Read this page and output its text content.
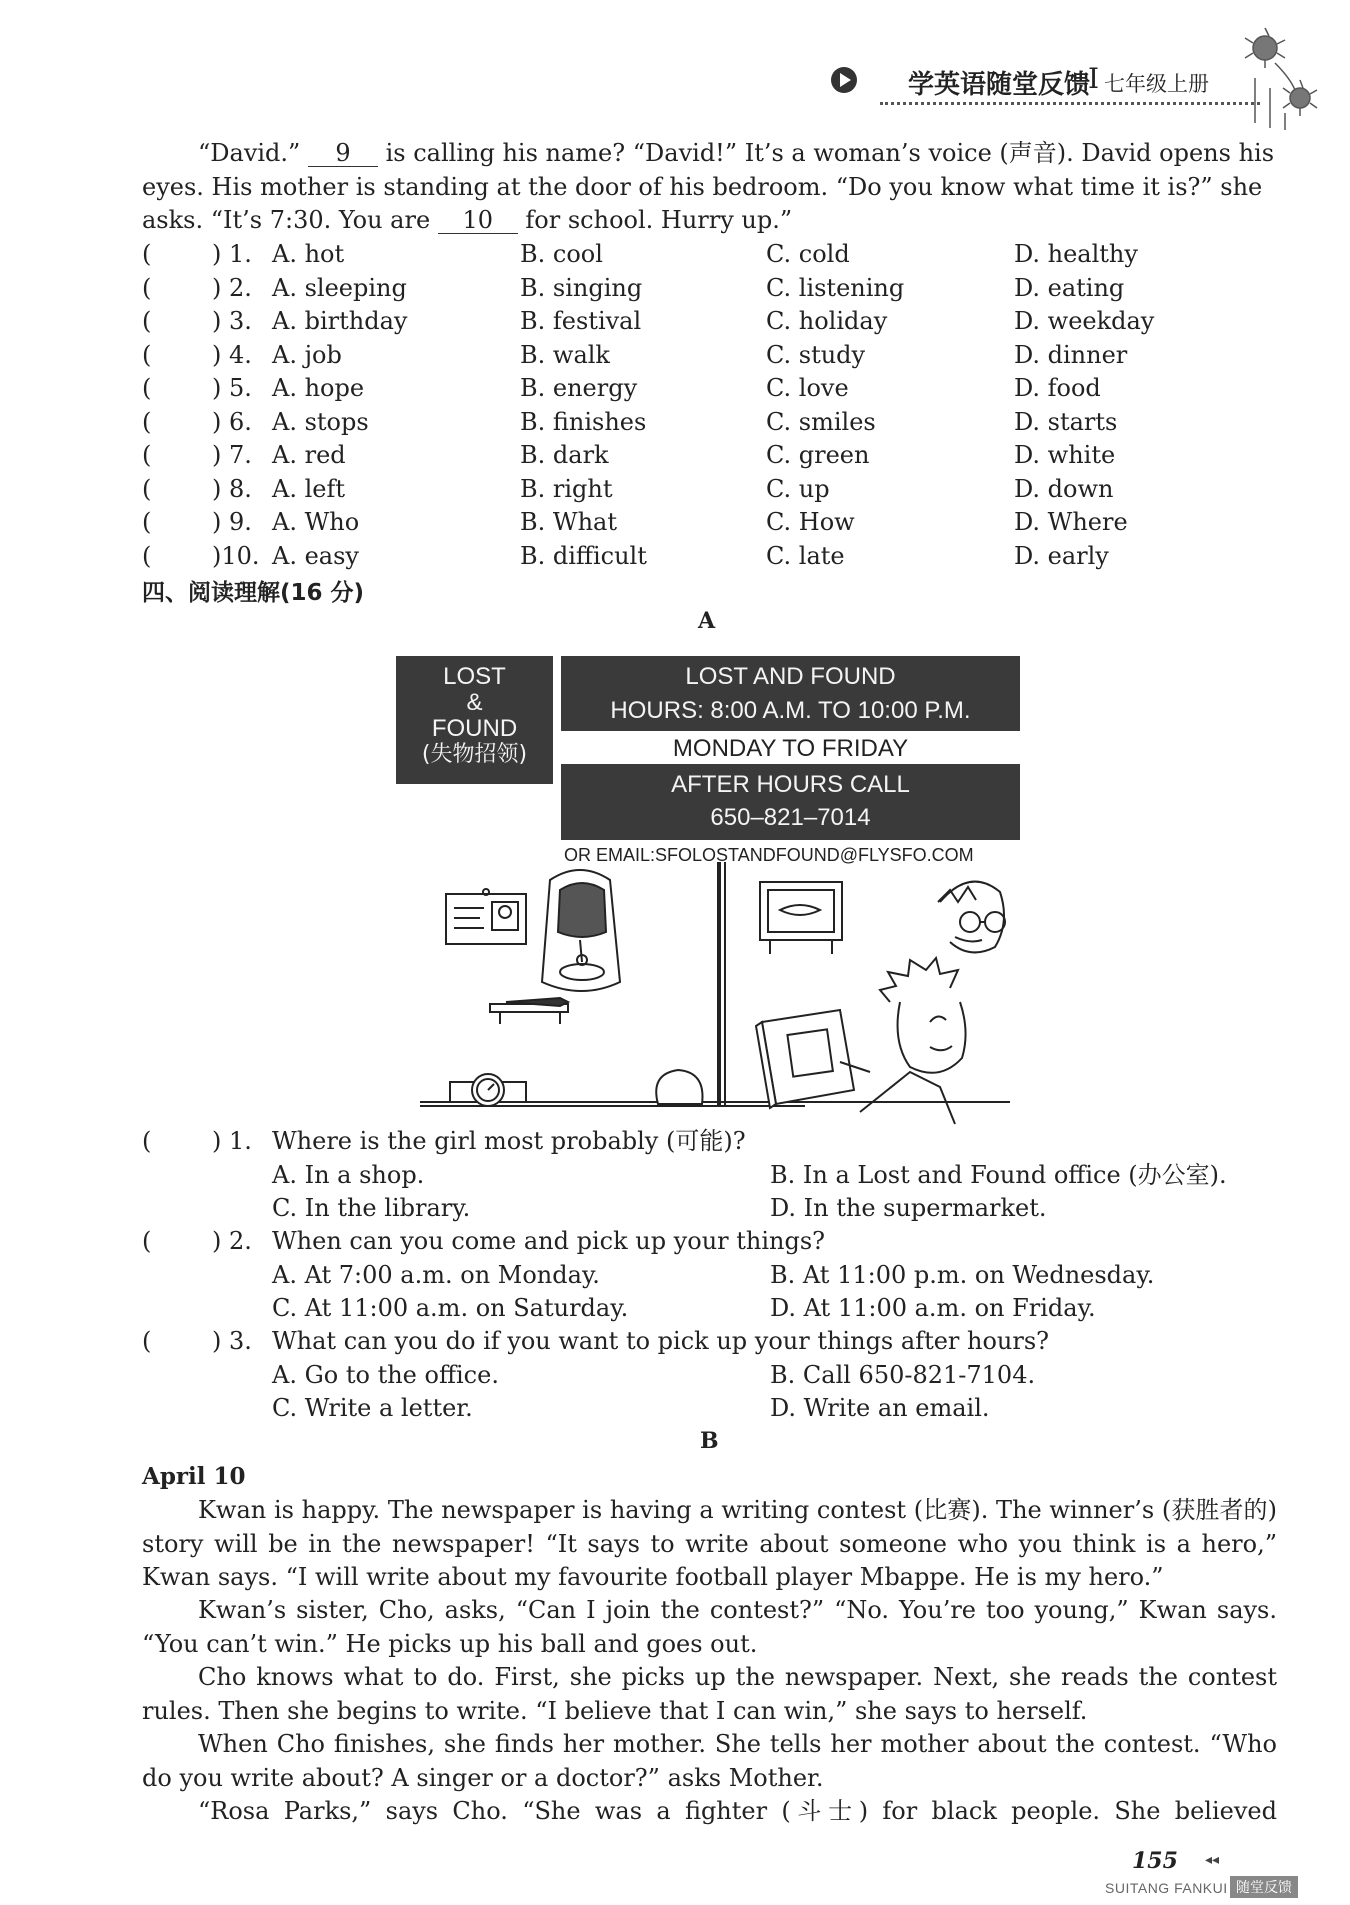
学英语随堂反馈
I 七年级上册
“David.” 9 is calling his name? “David!” It’s a woman’s voice (声音). David opens his
eyes. His mother is standing at the door of his bedroom. “Do you know what time it is?” she
asks. “It’s 7:30. You are 10 for school. Hurry up.”
(	) 1. A. hot	B. cool	C. cold	D. healthy
(	) 2. A. sleeping	B. singing	C. listening	D. eating
(	) 3. A. birthday	B. festival	C. holiday	D. weekday
(	) 4. A. job	B. walk	C. study	D. dinner
(	) 5. A. hope	B. energy	C. love	D. food
(	) 6. A. stops	B. finishes	C. smiles	D. starts
(	) 7. A. red	B. dark	C. green	D. white
(	) 8. A. left	B. right	C. up	D. down
(	) 9. A. Who	B. What	C. How	D. Where
(	)10. A. easy	B. difficult	C. late	D. early
四、阅读理解(16 分)
A
LOST
&
FOUND
(失物招领)
LOST AND FOUND
HOURS: 8:00 A.M. TO 10:00 P.M.
MONDAY TO FRIDAY
AFTER HOURS CALL
650–821–7014
OR EMAIL:SFOLOSTANDFOUND@FLYSFO.COM
(	) 1. Where is the girl most probably (可能)?
A. In a shop.	B. In a Lost and Found office (办公室).
C. In the library.	D. In the supermarket.
(	) 2. When can you come and pick up your things?
A. At 7:00 a.m. on Monday.	B. At 11:00 p.m. on Wednesday.
C. At 11:00 a.m. on Saturday.	D. At 11:00 a.m. on Friday.
(	) 3. What can you do if you want to pick up your things after hours?
A. Go to the office.	B. Call 650-821-7104.
C. Write a letter.	D. Write an email.
B
April 10
Kwan is happy. The newspaper is having a writing contest (比赛). The winner’s (获胜者的) story will be in the newspaper! “It says to write about someone who you think is a hero,” Kwan says. “I will write about my favourite football player Mbappe. He is my hero.”
Kwan’s sister, Cho, asks, “Can I join the contest?” “No. You’re too young,” Kwan says. “You can’t win.” He picks up his ball and goes out.
Cho knows what to do. First, she picks up the newspaper. Next, she reads the contest rules. Then she begins to write. “I believe that I can win,” she says to herself.
When Cho finishes, she finds her mother. She tells her mother about the contest. “Who do you write about? A singer or a doctor?” asks Mother.
“Rosa Parks,” says Cho. “She was a fighter (斗士) for black people. She believed
155 ◂◂
SUITANG FANKUI 随堂反馈
